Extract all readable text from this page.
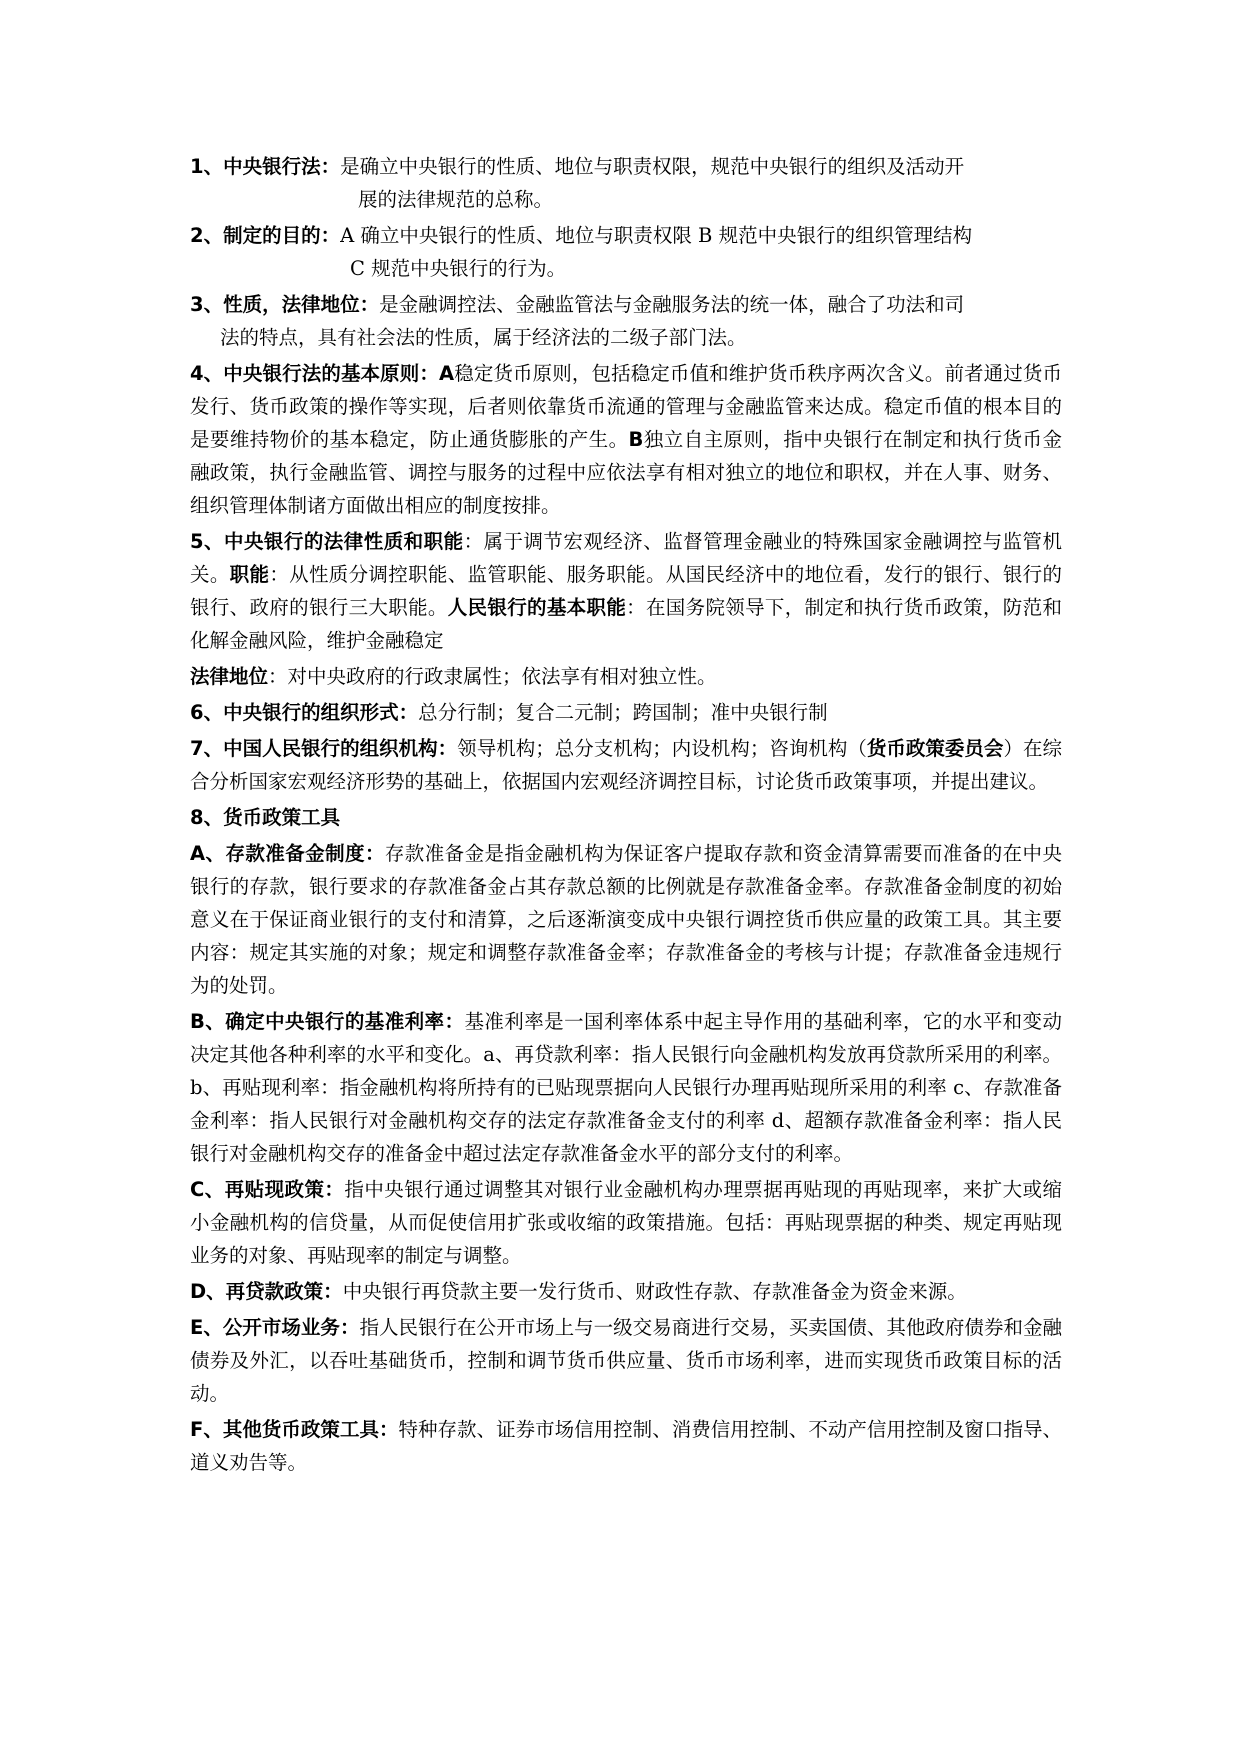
1、中央银行法：是确立中央银行的性质、地位与职责权限，规范中央银行的组织及活动开
展的法律规范的总称。

2、制定的目的：A 确立中央银行的性质、地位与职责权限 B 规范中央银行的组织管理结构
C 规范中央银行的行为。

3、性质，法律地位：是金融调控法、金融监管法与金融服务法的统一体，融合了功法和司
法的特点，具有社会法的性质，属于经济法的二级子部门法。

4、中央银行法的基本原则：A稳定货币原则，包括稳定币值和维护货币秩序两次含义。前者通过货币发行、货币政策的操作等实现，后者则依靠货币流通的管理与金融监管来达成。稳定币值的根本目的是要维持物价的基本稳定，防止通货膨胀的产生。B独立自主原则，指中央银行在制定和执行货币金融政策，执行金融监管、调控与服务的过程中应依法享有相对独立的地位和职权，并在人事、财务、组织管理体制诸方面做出相应的制度按排。

5、中央银行的法律性质和职能：属于调节宏观经济、监督管理金融业的特殊国家金融调控与监管机关。职能：从性质分调控职能、监管职能、服务职能。从国民经济中的地位看，发行的银行、银行的银行、政府的银行三大职能。人民银行的基本职能：在国务院领导下，制定和执行货币政策，防范和化解金融风险，维护金融稳定

法律地位：对中央政府的行政隶属性；依法享有相对独立性。

6、中央银行的组织形式：总分行制；复合二元制；跨国制；准中央银行制

7、中国人民银行的组织机构：领导机构；总分支机构；内设机构；咨询机构（货币政策委员会）在综合分析国家宏观经济形势的基础上，依据国内宏观经济调控目标，讨论货币政策事项，并提出建议。

8、货币政策工具

A、存款准备金制度：存款准备金是指金融机构为保证客户提取存款和资金清算需要而准备的在中央银行的存款，银行要求的存款准备金占其存款总额的比例就是存款准备金率。存款准备金制度的初始意义在于保证商业银行的支付和清算，之后逐渐演变成中央银行调控货币供应量的政策工具。其主要内容：规定其实施的对象；规定和调整存款准备金率；存款准备金的考核与计提；存款准备金违规行为的处罚。

B、确定中央银行的基准利率：基准利率是一国利率体系中起主导作用的基础利率，它的水平和变动决定其他各种利率的水平和变化。a、再贷款利率：指人民银行向金融机构发放再贷款所采用的利率。b、再贴现利率：指金融机构将所持有的已贴现票据向人民银行办理再贴现所采用的利率 c、存款准备金利率：指人民银行对金融机构交存的法定存款准备金支付的利率 d、超额存款准备金利率：指人民银行对金融机构交存的准备金中超过法定存款准备金水平的部分支付的利率。

C、再贴现政策：指中央银行通过调整其对银行业金融机构办理票据再贴现的再贴现率，来扩大或缩小金融机构的信贷量，从而促使信用扩张或收缩的政策措施。包括：再贴现票据的种类、规定再贴现业务的对象、再贴现率的制定与调整。

D、再贷款政策：中央银行再贷款主要一发行货币、财政性存款、存款准备金为资金来源。

E、公开市场业务：指人民银行在公开市场上与一级交易商进行交易，买卖国债、其他政府债券和金融债券及外汇，以吞吐基础货币，控制和调节货币供应量、货币市场利率，进而实现货币政策目标的活动。

F、其他货币政策工具：特种存款、证券市场信用控制、消费信用控制、不动产信用控制及窗口指导、道义劝告等。
